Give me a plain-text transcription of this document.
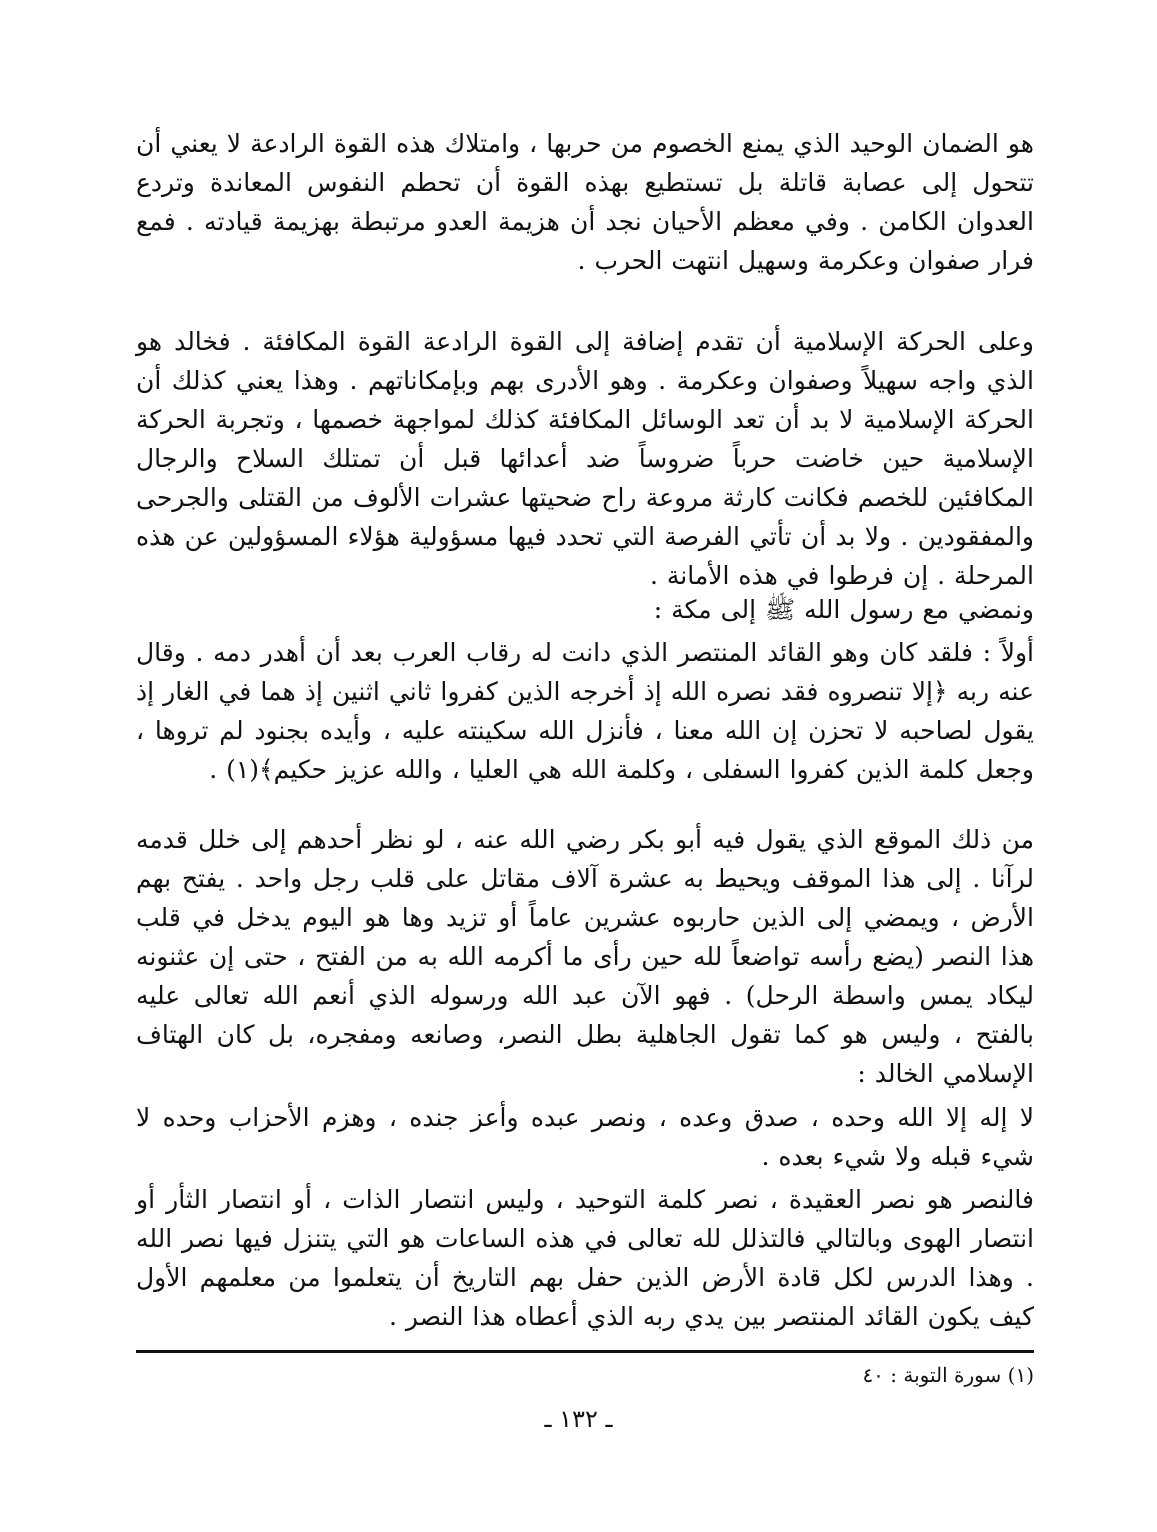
هو الضمان الوحيد الذي يمنع الخصوم من حربها ، وامتلاك هذه القوة الرادعة لا يعني أن تتحول إلى عصابة قاتلة بل تستطيع بهذه القوة أن تحطم النفوس المعاندة وتردع العدوان الكامن . وفي معظم الأحيان نجد أن هزيمة العدو مرتبطة بهزيمة قيادته . فمع فرار صفوان وعكرمة وسهيل انتهت الحرب .

وعلى الحركة الإسلامية أن تقدم إضافة إلى القوة الرادعة القوة المكافئة . فخالد هو الذي واجه سهيلاً وصفوان وعكرمة . وهو الأدرى بهم وبإمكاناتهم . وهذا يعني كذلك أن الحركة الإسلامية لا بد أن تعد الوسائل المكافئة كذلك لمواجهة خصمها ، وتجربة الحركة الإسلامية حين خاضت حرباً ضروساً ضد أعدائها قبل أن تمتلك السلاح والرجال المكافئين للخصم فكانت كارثة مروعة راح ضحيتها عشرات الألوف من القتلى والجرحى والمفقودين . ولا بد أن تأتي الفرصة التي تحدد فيها مسؤولية هؤلاء المسؤولين عن هذه المرحلة . إن فرطوا في هذه الأمانة .

ونمضي مع رسول الله ﷺ إلى مكة :

أولاً : فلقد كان وهو القائد المنتصر الذي دانت له رقاب العرب بعد أن أهدر دمه . وقال عنه ربه ﴿إلا تنصروه فقد نصره الله إذ أخرجه الذين كفروا ثاني اثنين إذ هما في الغار إذ يقول لصاحبه لا تحزن إن الله معنا ، فأنزل الله سكينته عليه ، وأيده بجنود لم تروها ، وجعل كلمة الذين كفروا السفلى ، وكلمة الله هي العليا ، والله عزيز حكيم﴾(١) .

من ذلك الموقع الذي يقول فيه أبو بكر رضي الله عنه ، لو نظر أحدهم إلى خلل قدمه لرآنا . إلى هذا الموقف ويحيط به عشرة آلاف مقاتل على قلب رجل واحد . يفتح بهم الأرض ، ويمضي إلى الذين حاربوه عشرين عاماً أو تزيد وها هو اليوم يدخل في قلب هذا النصر (يضع رأسه تواضعاً لله حين رأى ما أكرمه الله به من الفتح ، حتى إن عثنونه ليكاد يمس واسطة الرحل) . فهو الآن عبد الله ورسوله الذي أنعم الله تعالى عليه بالفتح ، وليس هو كما تقول الجاهلية بطل النصر، وصانعه ومفجره، بل كان الهتاف الإسلامي الخالد :

لا إله إلا الله وحده ، صدق وعده ، ونصر عبده وأعز جنده ، وهزم الأحزاب وحده لا شيء قبله ولا شيء بعده .

فالنصر هو نصر العقيدة ، نصر كلمة التوحيد ، وليس انتصار الذات ، أو انتصار الثأر أو انتصار الهوى وبالتالي فالتذلل لله تعالى في هذه الساعات هو التي يتنزل فيها نصر الله . وهذا الدرس لكل قادة الأرض الذين حفل بهم التاريخ أن يتعلموا من معلمهم الأول كيف يكون القائد المنتصر بين يدي ربه الذي أعطاه هذا النصر .

(١) سورة التوبة : ٤٠

ـ ١٣٢ ـ
